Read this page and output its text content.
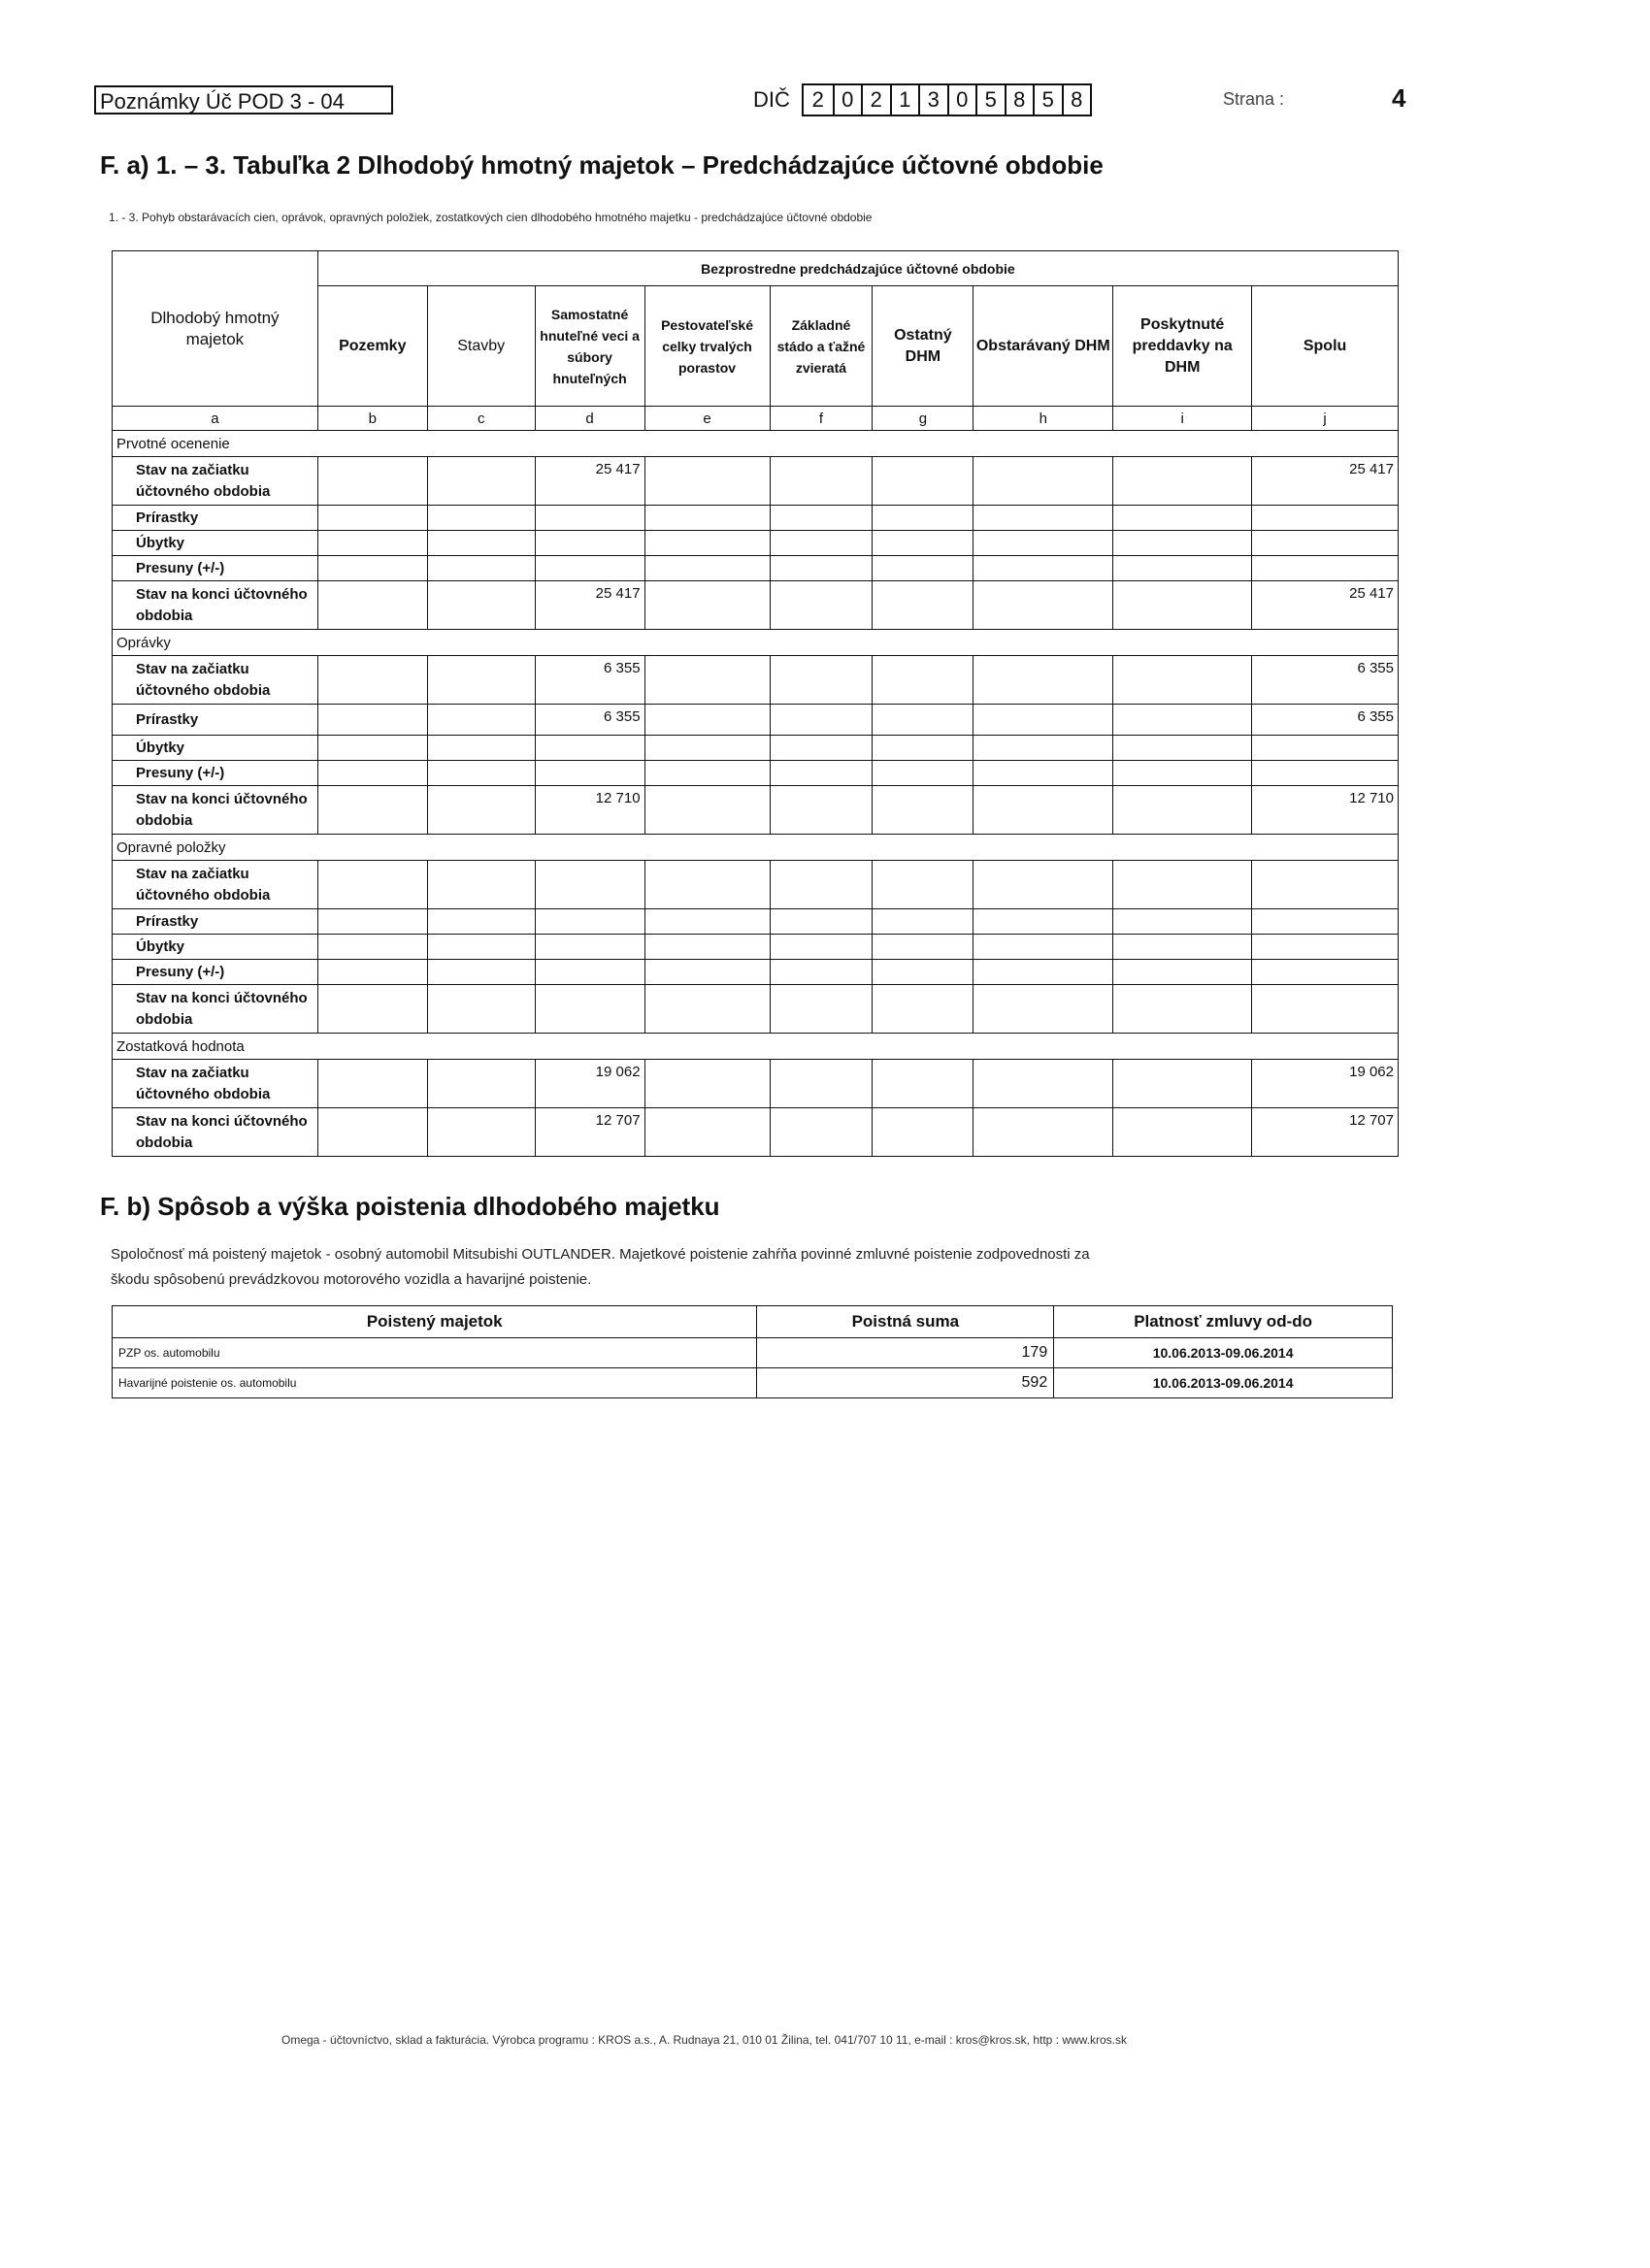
Poznámky Úč POD 3 - 04	DIČ	2 0 2 1 3 0 5 8 5 8	Strana :	4
F. a) 1. – 3. Tabuľka 2 Dlhodobý hmotný majetok – Predchádzajúce účtovné obdobie
1. - 3. Pohyb obstarávacích cien, oprávok, opravných položiek, zostatkových cien dlhodobého hmotného majetku - predchádzajúce účtovné obdobie
Dlhodobý hmotný majetok	Bezprostredne predchádzajúce účtovné obdobie								
	Pozemky	Stavby	Samostatné hnuteľné veci a súbory hnuteľných	Pestovateľské celky trvalých porastov	Základné stádo a ťažné zvieratá	Ostatný DHM	Obstarávaný DHM	Poskytnuté preddavky na DHM	Spolu
a	b	c	d	e	f	g	h	i	j
Prvotné ocenenie									
Stav na začiatku účtovného obdobia			25 417						25 417
Prírastky									
Úbytky									
Presuny (+/-)									
Stav na konci účtovného obdobia			25 417						25 417
Oprávky									
Stav na začiatku účtovného obdobia			6 355						6 355
Prírastky			6 355						6 355
Úbytky									
Presuny (+/-)									
Stav na konci účtovného obdobia			12 710						12 710
Opravné položky									
Stav na začiatku účtovného obdobia									
Prírastky									
Úbytky									
Presuny (+/-)									
Stav na konci účtovného obdobia									
Zostatková hodnota									
Stav na začiatku účtovného obdobia			19 062						19 062
Stav na konci účtovného obdobia			12 707						12 707
F. b) Spôsob a výška poistenia dlhodobého majetku
Spoločnosť má poistený majetok - osobný automobil Mitsubishi OUTLANDER. Majetkové poistenie zahŕňa povinné zmluvné poistenie zodpovednosti za
škodu spôsobenú prevádzkovou motorového vozidla a havarijné poistenie.
Poistený majetok	Poistná suma	Platnosť zmluvy od-do
PZP os. automobilu	179	10.06.2013-09.06.2014
Havarijné poistenie os. automobilu	592	10.06.2013-09.06.2014
Omega - účtovníctvo, sklad a fakturácia. Výrobca programu : KROS a.s., A. Rudnaya 21, 010 01 Žilina, tel. 041/707 10 11, e-mail : kros@kros.sk, http : www.kros.sk
